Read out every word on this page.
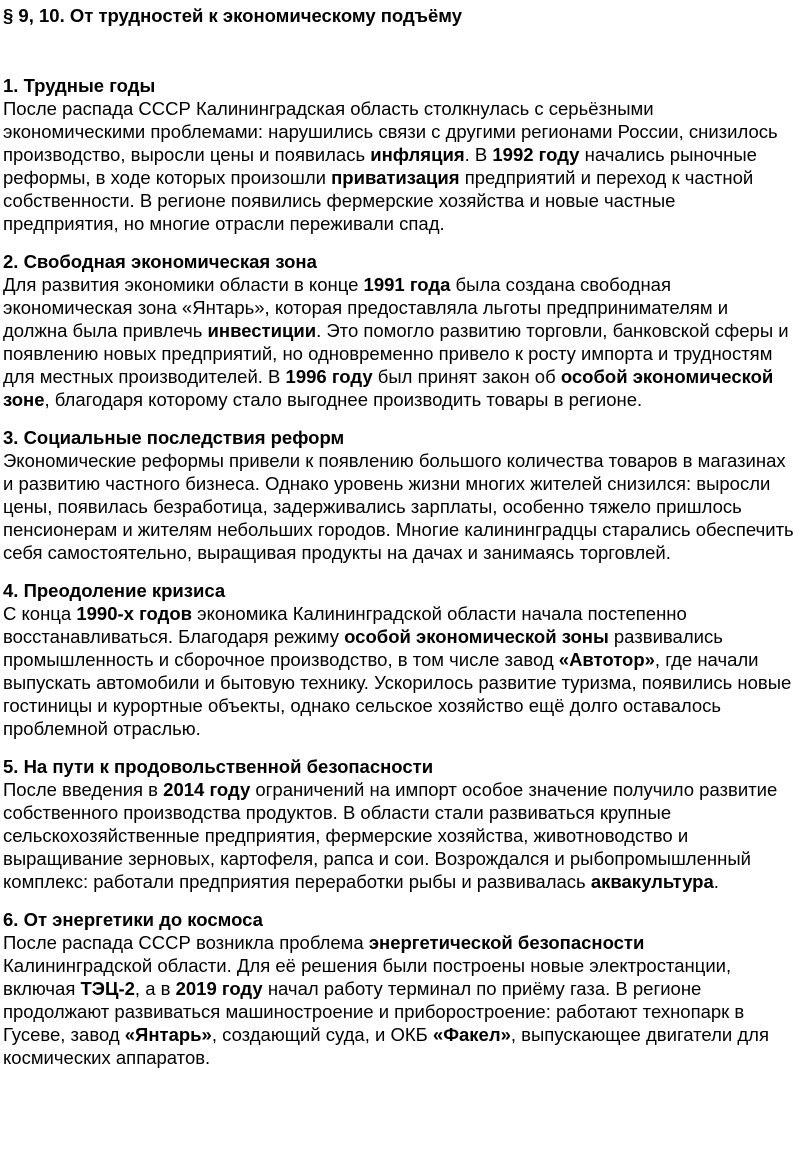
§ 9, 10. От трудностей к экономическому подъёму
1. Трудные годы

После распада СССР Калининградская область столкнулась с серьёзными экономическими проблемами: нарушились связи с другими регионами России, снизилось производство, выросли цены и появилась инфляция. В 1992 году начались рыночные реформы, в ходе которых произошли приватизация предприятий и переход к частной собственности. В регионе появились фермерские хозяйства и новые частные предприятия, но многие отрасли переживали спад.

2. Свободная экономическая зона

Для развития экономики области в конце 1991 года была создана свободная экономическая зона «Янтарь», которая предоставляла льготы предпринимателям и должна была привлечь инвестиции. Это помогло развитию торговли, банковской сферы и появлению новых предприятий, но одновременно привело к росту импорта и трудностям для местных производителей. В 1996 году был принят закон об особой экономической зоне, благодаря которому стало выгоднее производить товары в регионе.

3. Социальные последствия реформ

Экономические реформы привели к появлению большого количества товаров в магазинах и развитию частного бизнеса. Однако уровень жизни многих жителей снизился: выросли цены, появилась безработица, задерживались зарплаты, особенно тяжело пришлось пенсионерам и жителям небольших городов. Многие калининградцы старались обеспечить себя самостоятельно, выращивая продукты на дачах и занимаясь торговлей.

4. Преодоление кризиса

С конца 1990-х годов экономика Калининградской области начала постепенно восстанавливаться. Благодаря режиму особой экономической зоны развивались промышленность и сборочное производство, в том числе завод «Автотор», где начали выпускать автомобили и бытовую технику. Ускорилось развитие туризма, появились новые гостиницы и курортные объекты, однако сельское хозяйство ещё долго оставалось проблемной отраслью.

5. На пути к продовольственной безопасности

После введения в 2014 году ограничений на импорт особое значение получило развитие собственного производства продуктов. В области стали развиваться крупные сельскохозяйственные предприятия, фермерские хозяйства, животноводство и выращивание зерновых, картофеля, рапса и сои. Возрождался и рыбопромышленный комплекс: работали предприятия переработки рыбы и развивалась аквакультура.

6. От энергетики до космоса

После распада СССР возникла проблема энергетической безопасности Калининградской области. Для её решения были построены новые электростанции, включая ТЭЦ-2, а в 2019 году начал работу терминал по приёму газа. В регионе продолжают развиваться машиностроение и приборостроение: работают технопарк в Гусеве, завод «Янтарь», создающий суда, и ОКБ «Факел», выпускающее двигатели для космических аппаратов.
